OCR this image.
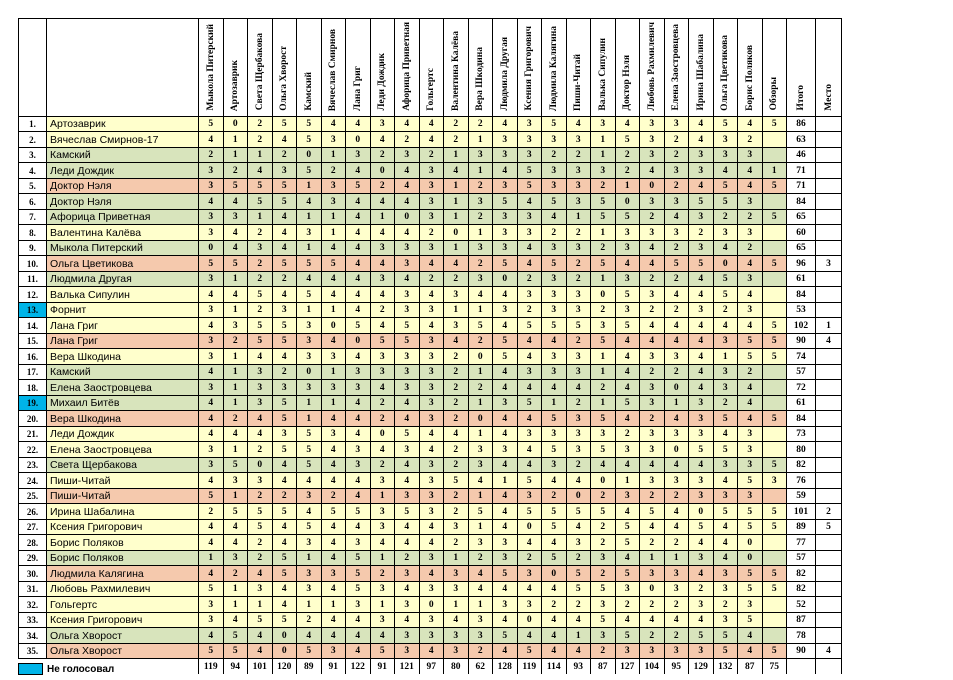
		Мыкола Питерский	Артозаврик	Света Щербакова	Ольга Хворост	Камский	Вячеслав Смирнов	Лана Григ	Леди Дождик	Афорица Приветная	Гольгертс	Валентина Калёва	Вера Шкодина	Людмила Другая	Ксения Григорович	Людмила Калягина	Пиши-Читай	Валька Сипулин	Доктор Нэля	Любовь Рахмилевич	Елена Заостровцева	Ирина Шабалина	Ольга Цветикова	Борис Поляков	Обзоры	Итого	Место
1.	Артозаврик	5	0	2	5	5	4	4	3	4	4	2	2	4	3	5	4	3	4	3	3	4	5	4	5	86	
2.	Вячеслав Смирнов-17	4	1	2	4	5	3	0	4	2	4	2	1	3	3	3	3	1	5	3	2	4	3	2		63	
3.	Камский	2	1	1	2	0	1	3	2	3	2	1	3	3	3	2	2	1	2	3	2	3	3	3		46	
4.	Леди Дождик	3	2	4	3	5	2	4	0	4	3	4	1	4	5	3	3	3	2	4	3	3	4	4	1	71	
5.	Доктор Нэля	3	5	5	5	1	3	5	2	4	3	1	2	3	5	3	3	2	1	0	2	4	5	4	5	71	
6.	Доктор Нэля	4	4	5	5	4	3	4	4	4	3	1	3	5	4	5	3	5	0	3	3	5	5	3		84	
7.	Афорица Приветная	3	3	1	4	1	1	4	1	0	3	1	2	3	3	4	1	5	5	2	4	3	2	2	5	65	
8.	Валентина Калёва	3	4	2	4	3	1	4	4	4	2	0	1	3	3	2	2	1	3	3	3	2	3	3		60	
9.	Мыкола Питерский	0	4	3	4	1	4	4	3	3	3	1	3	3	4	3	3	2	3	4	2	3	4	2		65	
10.	Ольга Цветикова	5	5	2	5	5	5	4	4	3	4	4	2	5	4	5	2	5	4	4	5	5	0	4	5	96	3
11.	Людмила Другая	3	1	2	2	4	4	4	3	4	2	2	3	0	2	3	2	1	3	2	2	4	5	3		61	
12.	Валька Сипулин	4	4	5	4	5	4	4	4	3	4	3	4	4	3	3	3	0	5	3	4	4	5	4		84	
13.	Форнит	3	1	2	3	1	1	4	2	3	3	1	1	3	2	3	3	2	3	2	2	3	2	3		53	
14.	Лана Григ	4	3	5	5	3	0	5	4	5	4	3	5	4	5	5	5	3	5	4	4	4	4	4	5	102	1
15.	Лана Григ	3	2	5	5	3	4	0	5	5	3	4	2	5	4	4	2	5	4	4	4	4	3	5	5	90	4
16.	Вера Шкодина	3	1	4	4	3	3	4	3	3	3	2	0	5	4	3	3	1	4	3	3	4	1	5	5	74	
17.	Камский	4	1	3	2	0	1	3	3	3	3	2	1	4	3	3	3	1	4	2	2	4	3	2		57	
18.	Елена Заостровцева	3	1	3	3	3	3	3	4	3	3	2	2	4	4	4	4	2	4	3	0	4	3	4		72	
19.	Михаил Битёв	4	1	3	5	1	1	4	2	4	3	2	1	3	5	1	2	1	5	3	1	3	2	4		61	
20.	Вера Шкодина	4	2	4	5	1	4	4	2	4	3	2	0	4	4	5	3	5	4	2	4	3	5	4	5	84	
21.	Леди Дождик	4	4	4	3	5	3	4	0	5	4	4	1	4	3	3	3	3	2	3	3	3	4	3		73	
22.	Елена Заостровцева	3	1	2	5	5	4	3	4	3	4	2	3	3	4	5	3	5	3	3	0	5	5	3		80	
23.	Света Щербакова	3	5	0	4	5	4	3	2	4	3	2	3	4	4	3	2	4	4	4	4	4	3	3	5	82	
24.	Пиши-Читай	4	3	3	4	4	4	4	3	4	3	5	4	1	5	4	4	0	1	3	3	3	4	5	3	76	
25.	Пиши-Читай	5	1	2	2	3	2	4	1	3	3	2	1	4	3	2	0	2	3	2	2	3	3	3		59	
26.	Ирина Шабалина	2	5	5	5	4	5	5	3	5	3	2	5	4	5	5	5	5	4	5	4	0	5	5	5	101	2
27.	Ксения Григорович	4	4	5	4	5	4	4	3	4	4	3	1	4	0	5	4	2	5	4	4	5	4	5	5	89	5
28.	Борис Поляков	4	4	2	4	3	4	3	4	4	4	2	3	3	4	4	3	2	5	2	2	4	4	0		77	
29.	Борис Поляков	1	3	2	5	1	4	5	1	2	3	1	2	3	2	5	2	3	4	1	1	3	4	0		57	
30.	Людмила Калягина	4	2	4	5	3	3	5	2	3	4	3	4	5	3	0	5	2	5	3	3	4	3	5	5	82	
31.	Любовь Рахмилевич	5	1	3	4	3	4	5	3	4	3	3	4	4	4	4	5	5	3	0	3	2	3	5	5	82	
32.	Гольгертс	3	1	1	4	1	1	3	1	3	0	1	1	3	3	2	2	3	2	2	2	3	2	3		52	
33.	Ксения Григорович	3	4	5	5	2	4	4	3	4	3	4	3	4	0	4	4	5	4	4	4	4	3	5		87	
34.	Ольга Хворост	4	5	4	0	4	4	4	4	3	3	3	3	5	4	4	1	3	5	2	2	5	5	4		78	
35.	Ольга Хворост	5	5	4	0	5	3	4	5	3	4	3	2	4	5	4	4	2	3	3	3	3	5	4	5	90	4
		119	94	101	120	89	91	122	91	121	97	80	62	128	119	114	93	87	127	104	95	129	132	87	75		
Не голосовал
